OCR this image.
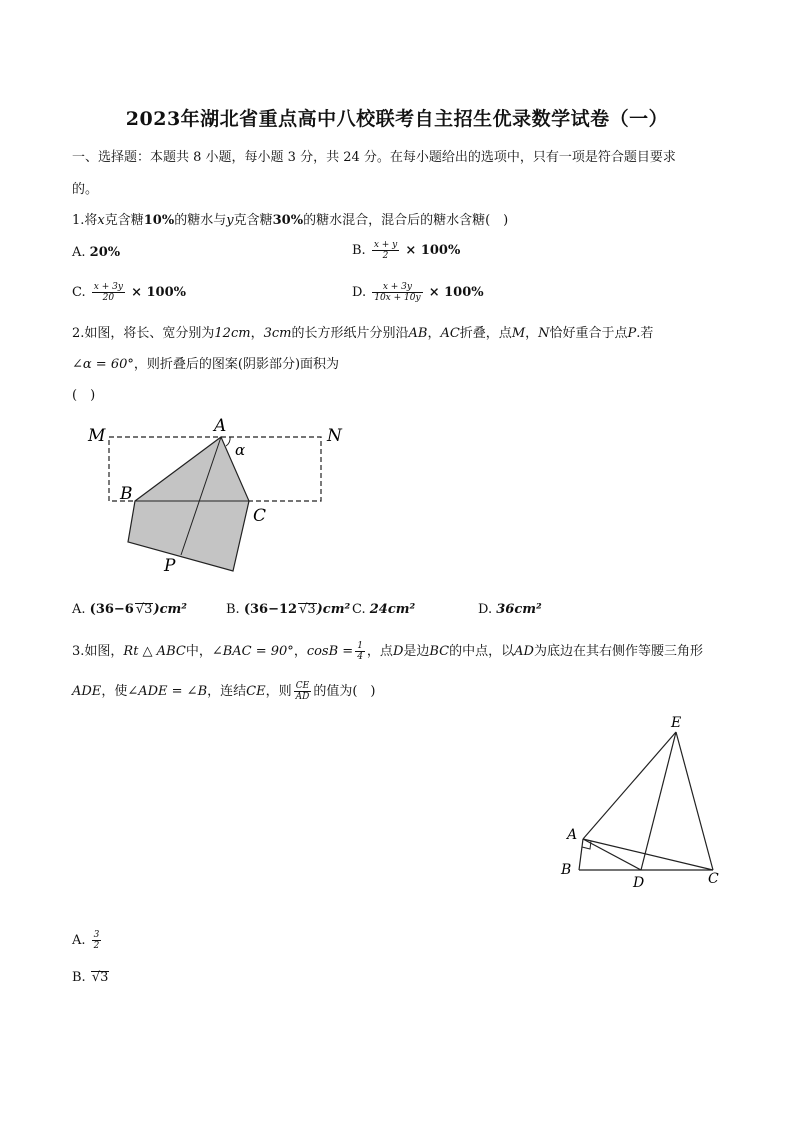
2023年湖北省重点高中八校联考自主招生优录数学试卷（一）
一、选择题：本题共 8 小题，每小题 3 分，共 24 分。在每小题给出的选项中，只有一项是符合题目要求
的。
1.将x克含糖10%的糖水与y克含糖30%的糖水混合，混合后的糖水含糖(　)
A. 20%	B. $\frac{x + y}{2} \times 100\%$
C. $\frac{x + 3y}{20} \times 100\%$	D. $\frac{x + 3y}{10x + 10y} \times 100\%$
2.如图，将长、宽分别为12cm，3cm的长方形纸片分别沿AB，AC折叠，点M，N恰好重合于点P.若
∠α = 60°，则折叠后的图案(阴影部分)面积为
(　)
M	A
α
N
B
C
P
A. (36−6 √3)cm²	B. (36−12 √3)cm² C. 24cm²	D. 36cm²
3.如图，Rt △ ABC中，∠BAC = 90°，$\cos B = \frac{1}{4}$ ，点D是边BC的中点，以AD为底边在其右侧作等腰三角形
ADE，使∠ADE = ∠B，连结CE，则 $\frac{CE}{AD}$ 的值为(　)
E
A
B
D	C
A. $\frac{3}{2}$
B. √3
